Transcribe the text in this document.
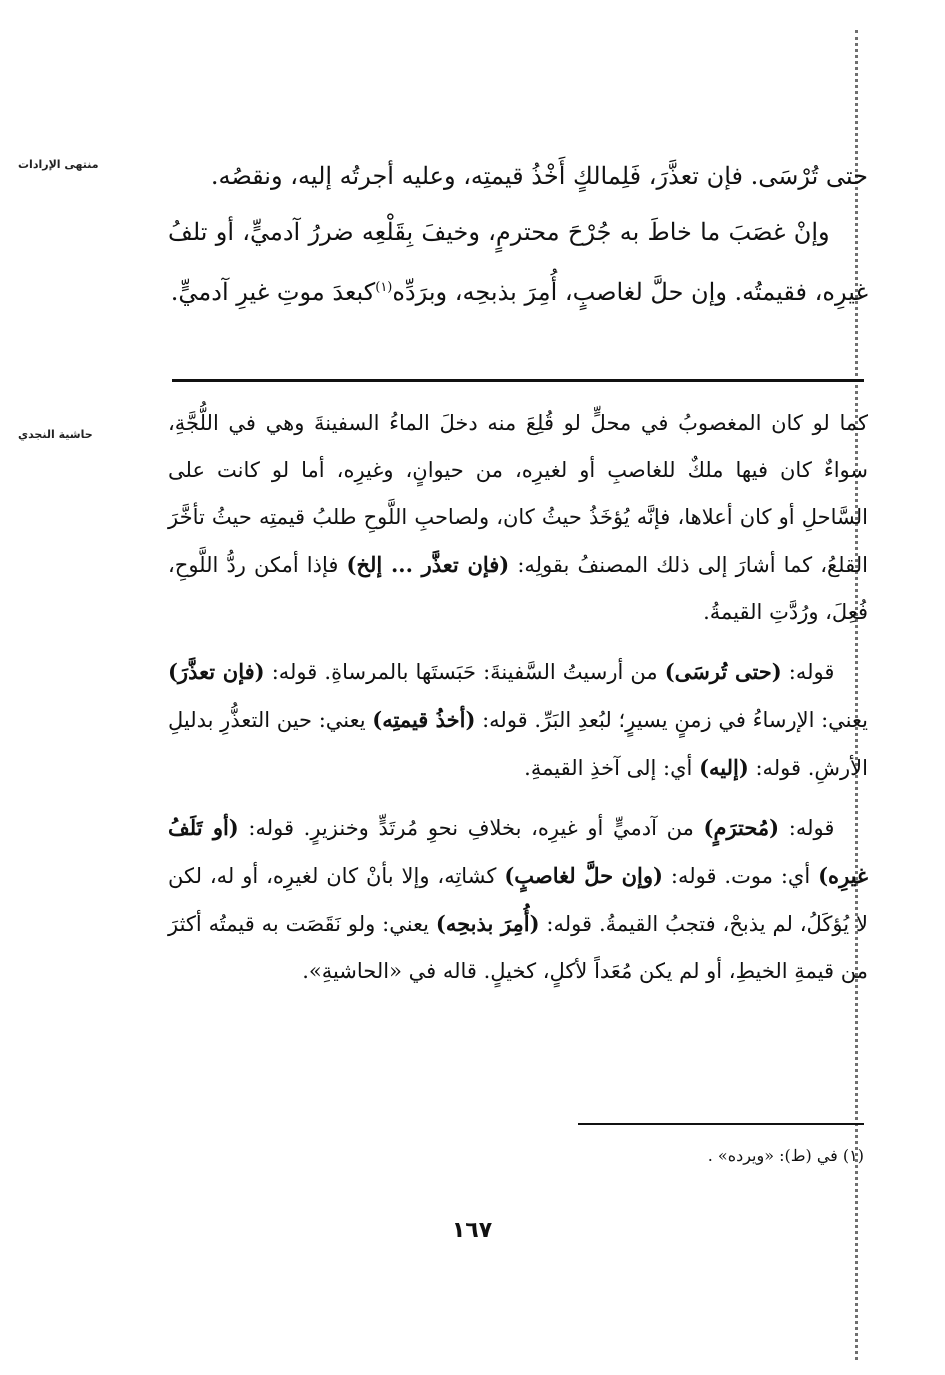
منتهى الإرادات
حاشية النجدي

حتى تُرْسَى. فإن تعذَّرَ، فَلِمالكٍ أَخْذُ قيمتِه، وعليه أجرتُه إليه، ونقصُه.

وإنْ غصَبَ ما خاطَ به جُرْحَ محترمٍ، وخيفَ بِقَلْعِه ضررُ آدميٍّ، أو تلفُ غيرِه، فقيمتُه. وإن حلَّ لغاصبٍ، أُمِرَ بذبحِه، وبرَدِّه$^{(١)}$كبعدَ موتِ غيرِ آدميٍّ.

كما لو كان المغصوبُ في محلٍّ لو قُلِعَ منه دخلَ الماءُ السفينةَ وهي في اللُّجَّةِ، سواءٌ كان فيها ملكٌ للغاصبِ أو لغيرِه، من حيوانٍ، وغيرِه، أما لو كانت على السَّاحلِ أو كان أعلاها، فإنَّه يُؤخَذُ حيثُ كان، ولصاحبِ اللَّوحِ طلبُ قيمتِه حيثُ تأخَّرَ القلعُ، كما أشارَ إلى ذلك المصنفُ بقولِه: (فإن تعذَّر ... إلخ) فإذا أمكن ردُّ اللَّوحِ، فُعِلَ، ورُدَّتِ القيمةُ.

قوله: (حتى تُرسَى) من أرسيتُ السَّفينةَ: حَبَستَها بالمرساةِ. قوله: (فإن تعذَّرَ) يعني: الإرساءُ في زمنٍ يسيرٍ؛ لبُعدِ البَرِّ. قوله: (أخذُ قيمتِه) يعني: حين التعذُّرِ بدليلِ الأرشِ. قوله: (إليه) أي: إلى آخذِ القيمةِ.

قوله: (مُحترَمٍ) من آدميٍّ أو غيرِه، بخلافِ نحوِ مُرتَدٍّ وخنزيرٍ. قوله: (أو تَلَفُ غيرِه) أي: موت. قوله: (وإن حلَّ لغاصبٍ) كشاتِه، وإلا بأنْ كان لغيرِه، أو له، لكن لا يُؤكَلُ، لم يذبحْ، فتجبُ القيمةُ. قوله: (أُمِرَ بذبحِه) يعني: ولو نَقَصَت به قيمتُه أكثرَ من قيمةِ الخيطِ، أو لم يكن مُعَداً لأكلٍ، كخيلٍ. قاله في «الحاشيةِ».

(١) في (ط): «ويرده» .
١٦٧
